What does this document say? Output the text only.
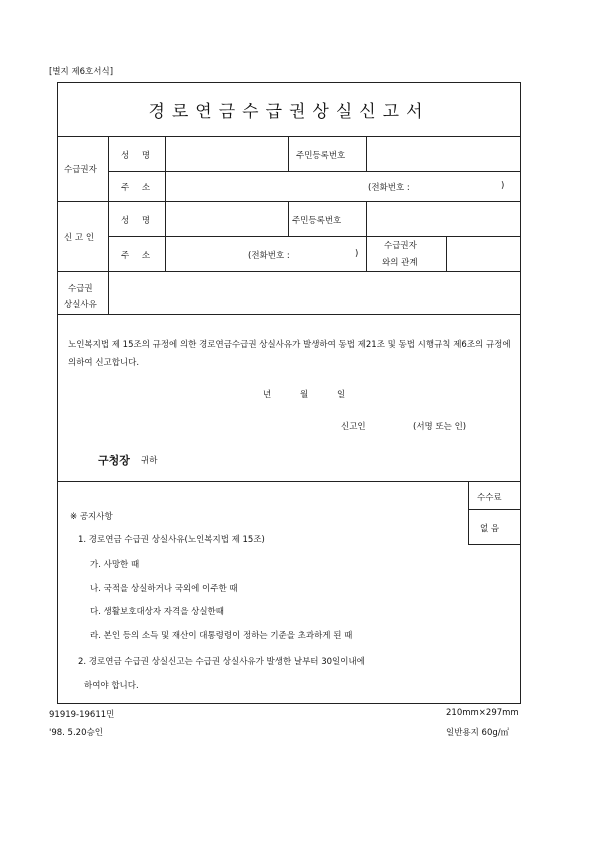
[별지 제6호서식]
경로연금수급권상실신고서
수급권자
성 명	주민등록번호
주 소	(전화번호 :	)
신 고 인
성 명	주민등록번호
주 소	(전화번호 :	)
수급권자
와의 관계
수급권
상실사유
노인복지법 제 15조의 규정에 의한 경로연금수급권 상실사유가 발생하여 동법 제21조 및 동법 시행규칙 제6조의 규정에 의하여 신고합니다.
년	월	일
신고인	(서명 또는 인)
구청장 귀하
수수료
없 음
※ 공지사항
1. 경로연금 수급권 상실사유(노인복지법 제 15조)
가. 사망한 때
나. 국적을 상실하거나 국외에 이주한 때
다. 생활보호대상자 자격을 상실한때
라. 본인 등의 소득 및 재산이 대통령령이 정하는 기준을 초과하게 된 때
2. 경로연금 수급권 상실신고는 수급권 상실사유가 발생한 날부터 30일이내에
하여야 합니다.
91919-19611민
'98. 5.20승인
210mm×297mm
일반용지 60g/㎡
